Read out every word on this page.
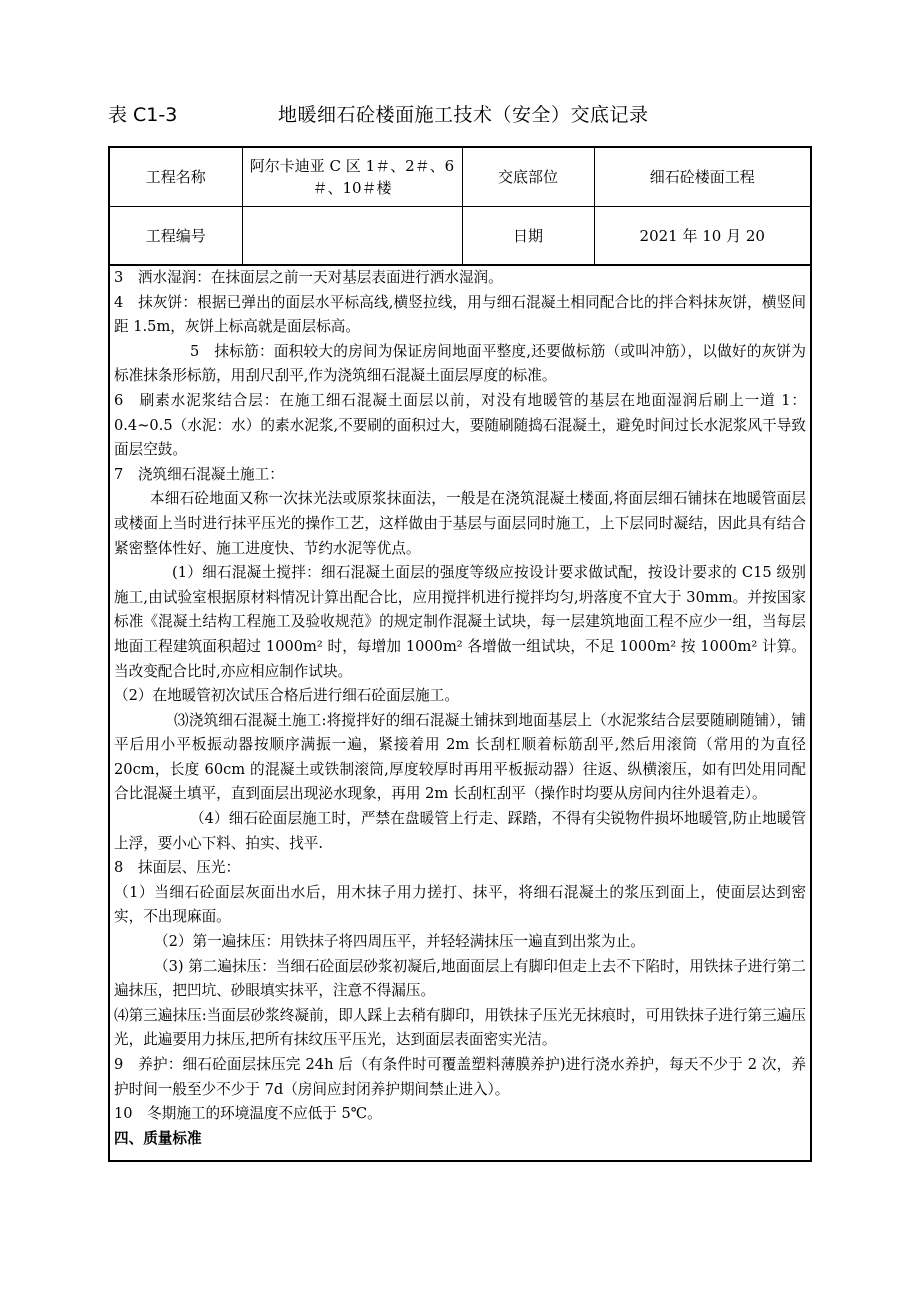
表 C1-3	地暖细石砼楼面施工技术（安全）交底记录
工程名称	阿尔卡迪亚 C 区 1＃、2＃、6＃、10＃楼	交底部位	细石砼楼面工程
工程编号		日期	2021 年 10 月 20

3　洒水湿润：在抹面层之前一天对基层表面进行洒水湿润。

4　抹灰饼：根据已弹出的面层水平标高线,横竖拉线，用与细石混凝土相同配合比的拌合料抹灰饼，横竖间距 1.5m，灰饼上标高就是面层标高。

5　抹标筋：面积较大的房间为保证房间地面平整度,还要做标筋（或叫冲筋），以做好的灰饼为标准抹条形标筋，用刮尺刮平,作为浇筑细石混凝土面层厚度的标准。

6　刷素水泥浆结合层：在施工细石混凝土面层以前，对没有地暖管的基层在地面湿润后刷上一道 1：0.4~0.5（水泥：水）的素水泥浆,不要刷的面积过大，要随刷随捣石混凝土，避免时间过长水泥浆风干导致面层空鼓。

7　浇筑细石混凝土施工：

本细石砼地面又称一次抹光法或原浆抹面法，一般是在浇筑混凝土楼面,将面层细石铺抹在地暖管面层或楼面上当时进行抹平压光的操作工艺，这样做由于基层与面层同时施工，上下层同时凝结，因此具有结合紧密整体性好、施工进度快、节约水泥等优点。

(1）细石混凝土搅拌：细石混凝土面层的强度等级应按设计要求做试配，按设计要求的 C15 级别施工,由试验室根据原材料情况计算出配合比，应用搅拌机进行搅拌均匀,坍落度不宜大于 30mm。并按国家标准《混凝土结构工程施工及验收规范》的规定制作混凝土试块，每一层建筑地面工程不应少一组，当每层地面工程建筑面积超过 1000m² 时，每增加 1000m² 各增做一组试块，不足 1000m² 按 1000m² 计算。当改变配合比时,亦应相应制作试块。

（2）在地暖管初次试压合格后进行细石砼面层施工。

⑶浇筑细石混凝土施工:将搅拌好的细石混凝土铺抹到地面基层上（水泥浆结合层要随刷随铺），铺平后用小平板振动器按顺序满振一遍，紧接着用 2m 长刮杠顺着标筋刮平,然后用滚筒（常用的为直径 20cm，长度 60cm 的混凝土或铁制滚筒,厚度较厚时再用平板振动器）往返、纵横滚压，如有凹处用同配合比混凝土填平，直到面层出现泌水现象，再用 2m 长刮杠刮平（操作时均要从房间内往外退着走）。

（4）细石砼面层施工时，严禁在盘暖管上行走、踩踏，不得有尖锐物件损坏地暖管,防止地暖管上浮，要小心下料、拍实、找平.

8　抹面层、压光：

（1）当细石砼面层灰面出水后，用木抹子用力搓打、抹平，将细石混凝土的浆压到面上，使面层达到密实，不出现麻面。

（2）第一遍抹压：用铁抹子将四周压平，并轻轻满抹压一遍直到出浆为止。

（3) 第二遍抹压：当细石砼面层砂浆初凝后,地面面层上有脚印但走上去不下陷时，用铁抹子进行第二遍抹压，把凹坑、砂眼填实抹平，注意不得漏压。

⑷第三遍抹压:当面层砂浆终凝前，即人踩上去稍有脚印，用铁抹子压光无抹痕时，可用铁抹子进行第三遍压光，此遍要用力抹压,把所有抹纹压平压光，达到面层表面密实光洁。

9　养护：细石砼面层抹压完 24h 后（有条件时可覆盖塑料薄膜养护)进行浇水养护，每天不少于 2 次，养护时间一般至少不少于 7d（房间应封闭养护期间禁止进入）。

10　冬期施工的环境温度不应低于 5℃。

四、质量标准
